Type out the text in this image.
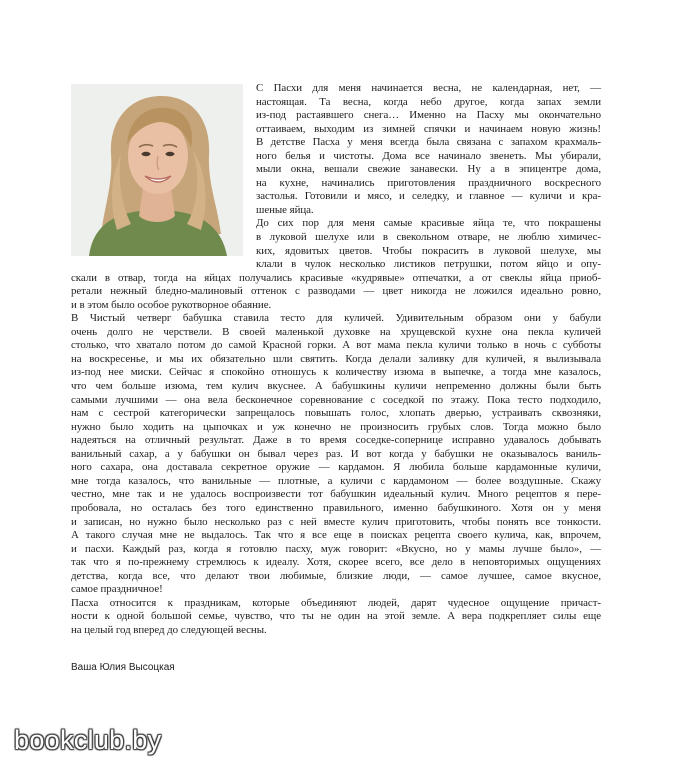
С Пасхи для меня начинается весна, не календарная, нет, —
настоящая. Та весна, когда небо другое, когда запах земли
из-под растаявшего снега… Именно на Пасху мы окончательно
оттаиваем, выходим из зимней спячки и начинаем новую жизнь!
В детстве Пасха у меня всегда была связана с запахом крахмаль-
ного белья и чистоты. Дома все начинало звенеть. Мы убирали,
мыли окна, вешали свежие занавески. Ну а в эпицентре дома,
на кухне, начинались приготовления праздничного воскресного
застолья. Готовили и мясо, и селедку, и главное — куличи и кра-
шеные яйца.

До сих пор для меня самые красивые яйца те, что покрашены
в луковой шелухе или в свекольном отваре, не люблю химичес-
ких, ядовитых цветов. Чтобы покрасить в луковой шелухе, мы
клали в чулок несколько листиков петрушки, потом яйцо и опу-
скали в отвар, тогда на яйцах получались красивые «кудрявые» отпечатки, а от свеклы яйца приоб-
ретали нежный бледно-малиновый оттенок с разводами — цвет никогда не ложился идеально ровно,
и в этом было особое рукотворное обаяние.

В Чистый четверг бабушка ставила тесто для куличей. Удивительным образом они у бабули
очень долго не черствели. В своей маленькой духовке на хрущевской кухне она пекла куличей
столько, что хватало потом до самой Красной горки. А вот мама пекла куличи только в ночь с субботы
на воскресенье, и мы их обязательно шли святить. Когда делали заливку для куличей, я вылизывала
из-под нее миски. Сейчас я спокойно отношусь к количеству изюма в выпечке, а тогда мне казалось,
что чем больше изюма, тем кулич вкуснее. А бабушкины куличи непременно должны были быть
самыми лучшими — она вела бесконечное соревнование с соседкой по этажу. Пока тесто подходило,
нам с сестрой категорически запрещалось повышать голос, хлопать дверью, устраивать сквозняки,
нужно было ходить на цыпочках и уж конечно не произносить грубых слов. Тогда можно было
надеяться на отличный результат. Даже в то время соседке-сопернице исправно удавалось добывать
ванильный сахар, а у бабушки он бывал через раз. И вот когда у бабушки не оказывалось ваниль-
ного сахара, она доставала секретное оружие — кардамон. Я любила больше кардамонные куличи,
мне тогда казалось, что ванильные — плотные, а куличи с кардамоном — более воздушные. Скажу
честно, мне так и не удалось воспроизвести тот бабушкин идеальный кулич. Много рецептов я пере-
пробовала, но осталась без того единственно правильного, именно бабушкиного. Хотя он у меня
и записан, но нужно было несколько раз с ней вместе кулич приготовить, чтобы понять все тонкости.
А такого случая мне не выдалось. Так что я все еще в поисках рецепта своего кулича, как, впрочем,
и пасхи. Каждый раз, когда я готовлю пасху, муж говорит: «Вкусно, но у мамы лучше было», —
так что я по-прежнему стремлюсь к идеалу. Хотя, скорее всего, все дело в неповторимых ощущениях
детства, когда все, что делают твои любимые, близкие люди, — самое лучшее, самое вкусное,
самое праздничное!

Пасха относится к праздникам, которые объединяют людей, дарят чудесное ощущение причаст-
ности к одной большой семье, чувство, что ты не один на этой земле. А вера подкрепляет силы еще
на целый год вперед до следующей весны.

Ваша Юлия Высоцкая
bookclub.by
